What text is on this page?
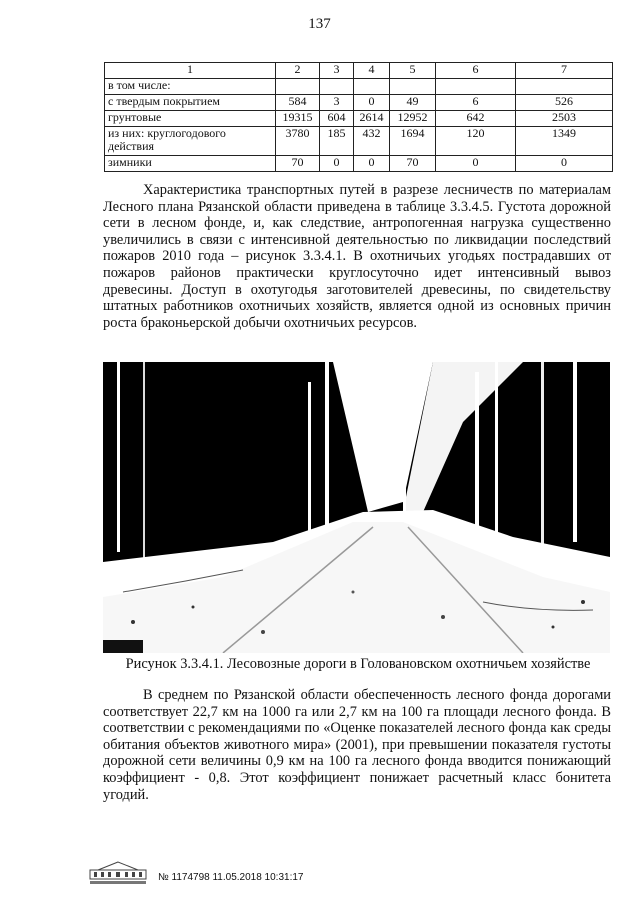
137
1	2	3	4	5	6	7
в том числе:						
с твердым покрытием	584	3	0	49	6	526
грунтовые	19315	604	2614	12952	642	2503
из них: круглогодового действия	3780	185	432	1694	120	1349
зимники	70	0	0	70	0	0

Характеристика транспортных путей в разрезе лесничеств по материалам Лесного плана Рязанской области приведена в таблице 3.3.4.5. Густота дорожной сети в лесном фонде, и, как следствие, антропогенная нагрузка существенно увеличились в связи с интенсивной деятельностью по ликвидации последствий пожаров 2010 года – рисунок 3.3.4.1. В охотничьих угодьях пострадавших от пожаров районов практически круглосуточно идет интенсивный вывоз древесины. Доступ в охотугодья заготовителей древесины, по свидетельству штатных работников охотничьих хозяйств, является одной из основных причин роста браконьерской добычи охотничьих ресурсов.

Рисунок 3.3.4.1. Лесовозные дороги в Головановском охотничьем хозяйстве

В среднем по Рязанской области обеспеченность лесного фонда дорогами соответствует 22,7 км на 1000 га или 2,7 км на 100 га площади лесного фонда. В соответствии с рекомендациями по «Оценке показателей лесного фонда как среды обитания объектов животного мира» (2001), при превышении показателя густоты дорожной сети величины 0,9 км на 100 га лесного фонда вводится понижающий коэффициент - 0,8. Этот коэффициент понижает расчетный класс бонитета угодий.

№ 1174798 11.05.2018 10:31:17
